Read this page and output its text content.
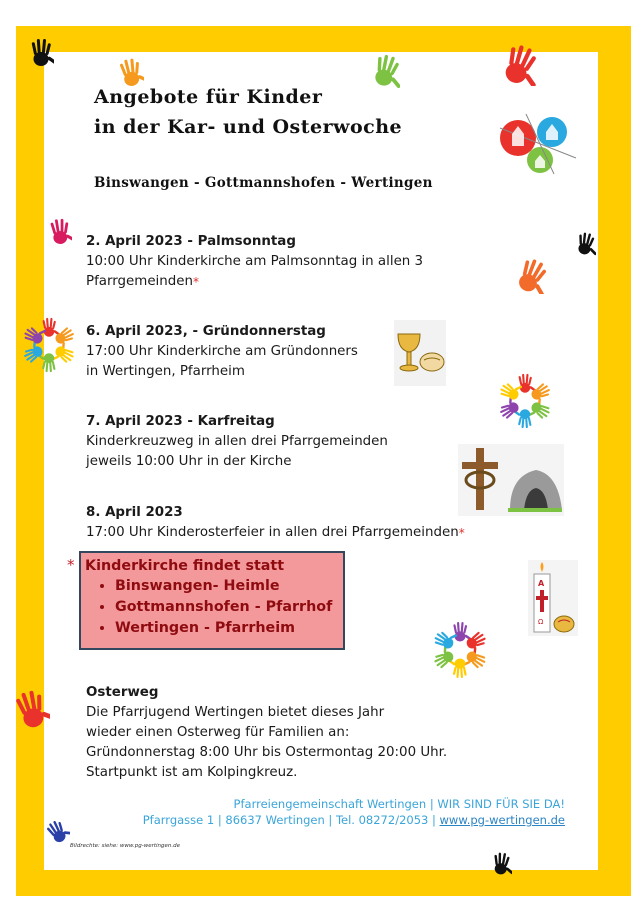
A
Ω
Angebote für Kinder
in der Kar- und Osterwoche
Binswangen - Gottmannshofen - Wertingen
2. April 2023 - Palmsonntag
10:00 Uhr Kinderkirche am Palmsonntag in allen 3
Pfarrgemeinden*
6. April 2023, - Gründonnerstag
17:00 Uhr Kinderkirche am Gründonners
in Wertingen, Pfarrheim
7. April 2023 - Karfreitag
Kinderkreuzweg in allen drei Pfarrgemeinden
jeweils 10:00 Uhr in der Kirche
8. April 2023
17:00 Uhr Kinderosterfeier in allen drei Pfarrgemeinden*
* Kinderkirche findet statt
• Binswangen- Heimle
• Gottmannshofen - Pfarrhof
• Wertingen - Pfarrheim
Osterweg
Die Pfarrjugend Wertingen bietet dieses Jahr
wieder einen Osterweg für Familien an:
Gründonnerstag 8:00 Uhr bis Ostermontag 20:00 Uhr.
Startpunkt ist am Kolpingkreuz.
Pfarreiengemeinschaft Wertingen | WIR SIND FÜR SIE DA!
Pfarrgasse 1 | 86637 Wertingen | Tel. 08272/2053 | www.pg-wertingen.de
Bildrechte: siehe: www.pg-wertingen.de
